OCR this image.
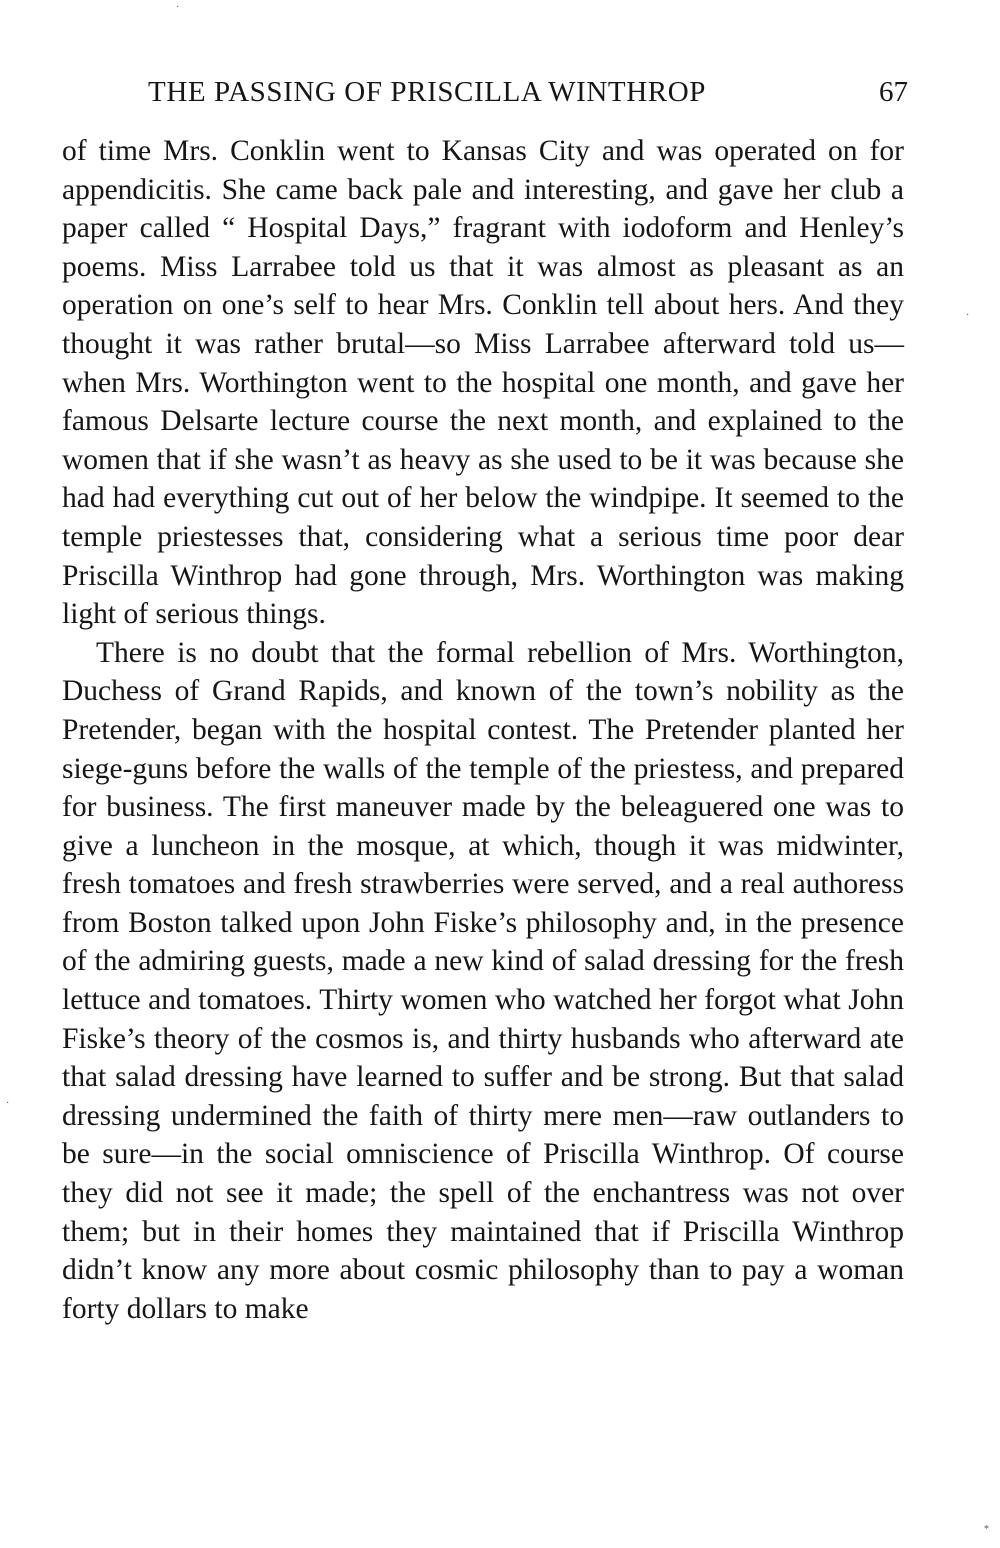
THE PASSING OF PRISCILLA WINTHROP	67

of time Mrs. Conklin went to Kansas City and was operated on for appendicitis. She came back pale and interesting, and gave her club a paper called “ Hospital Days,” fragrant with iodoform and Henley’s poems. Miss Larrabee told us that it was almost as pleasant as an operation on one’s self to hear Mrs. Conklin tell about hers. And they thought it was rather brutal—so Miss Larrabee afterward told us—when Mrs. Worthington went to the hospital one month, and gave her famous Delsarte lecture course the next month, and explained to the women that if she wasn’t as heavy as she used to be it was because she had had everything cut out of her below the windpipe. It seemed to the temple priestesses that, considering what a serious time poor dear Priscilla Winthrop had gone through, Mrs. Worthington was making light of serious things.

There is no doubt that the formal rebellion of Mrs. Worthington, Duchess of Grand Rapids, and known of the town’s nobility as the Pretender, began with the hospital contest. The Pretender planted her siege-guns before the walls of the temple of the priestess, and prepared for business. The first maneuver made by the beleaguered one was to give a luncheon in the mosque, at which, though it was midwinter, fresh tomatoes and fresh strawberries were served, and a real authoress from Boston talked upon John Fiske’s philosophy and, in the presence of the admiring guests, made a new kind of salad dressing for the fresh lettuce and tomatoes. Thirty women who watched her forgot what John Fiske’s theory of the cosmos is, and thirty husbands who afterward ate that salad dressing have learned to suffer and be strong. But that salad dressing undermined the faith of thirty mere men—raw outlanders to be sure—in the social omniscience of Priscilla Winthrop. Of course they did not see it made; the spell of the enchantress was not over them; but in their homes they maintained that if Priscilla Winthrop didn’t know any more about cosmic philosophy than to pay a woman forty dollars to make

·
·
·
*
